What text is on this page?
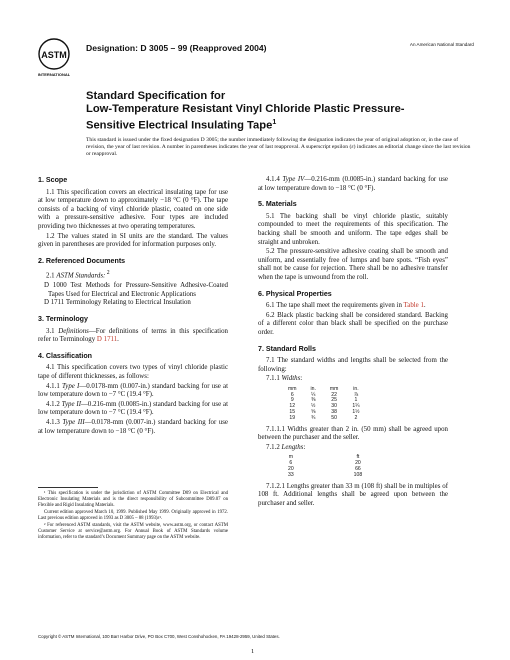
ASTM
INTERNATIONAL
Designation: D 3005 – 99 (Reapproved 2004)	An American National Standard
Standard Specification for
Low-Temperature Resistant Vinyl Chloride Plastic Pressure-
Sensitive Electrical Insulating Tape$^1$
This standard is issued under the fixed designation D 3005; the number immediately following the designation indicates the year of original adoption or, in the case of revision, the year of last revision. A number in parentheses indicates the year of last reapproval. A superscript epsilon (ε) indicates an editorial change since the last revision or reapproval.
1. Scope

1.1 This specification covers an electrical insulating tape for use at low temperature down to approximately −18 °C (0 °F). The tape consists of a backing of vinyl chloride plastic, coated on one side with a pressure-sensitive adhesive. Four types are included providing two thicknesses at two operating temperatures.

1.2 The values stated in SI units are the standard. The values given in parentheses are provided for information purposes only.

2. Referenced Documents

2.1 ASTM Standards: $^2$

D 1000 Test Methods for Pressure-Sensitive Adhesive-Coated Tapes Used for Electrical and Electronic Applications

D 1711 Terminology Relating to Electrical Insulation

3. Terminology

3.1 Definitions—For definitions of terms in this specification refer to Terminology D 1711.

4. Classification

4.1 This specification covers two types of vinyl chloride plastic tape of different thicknesses, as follows:

4.1.1 Type I—0.0178-mm (0.007-in.) standard backing for use at low temperature down to −7 °C (19.4 °F).

4.1.2 Type II—0.216-mm (0.0085-in.) standard backing for use at low temperature down to −7 °C (19.4 °F).

4.1.3 Type III—0.0178-mm (0.007-in.) standard backing for use at low temperature down to −18 °C (0 °F).

¹ This specification is under the jurisdiction of ASTM Committee D09 on Electrical and Electronic Insulating Materials and is the direct responsibility of Subcommittee D09.07 on Flexible and Rigid Insulating Materials.

Current edition approved March 10, 1999. Published May 1999. Originally approved in 1972. Last previous edition approved in 1993 as D 3005 – 88 (1993)ε¹.

² For referenced ASTM standards, visit the ASTM website, www.astm.org, or contact ASTM Customer Service at service@astm.org. For Annual Book of ASTM Standards volume information, refer to the standard’s Document Summary page on the ASTM website.

4.1.4 Type IV—0.216-mm (0.0085-in.) standard backing for use at low temperature down to −18 °C (0 °F).

5. Materials

5.1 The backing shall be vinyl chloride plastic, suitably compounded to meet the requirements of this specification. The backing shall be smooth and uniform. The tape edges shall be straight and unbroken.

5.2 The pressure-sensitive adhesive coating shall be smooth and uniform, and essentially free of lumps and bare spots. “Fish eyes” shall not be cause for rejection. There shall be no adhesive transfer when the tape is unwound from the roll.

6. Physical Properties

6.1 The tape shall meet the requirements given in Table 1.

6.2 Black plastic backing shall be considered standard. Backing of a different color than black shall be specified on the purchase order.

7. Standard Rolls

7.1 The standard widths and lengths shall be selected from the following:

7.1.1 Widths:

mm	in.	mm	in.
6	¼	22	⅞
9	⅜	25	1
12	½	30	1¼
15	⅝	38	1½
19	¾	50	2

7.1.1.1 Widths greater than 2 in. (50 mm) shall be agreed upon between the purchaser and the seller.

7.1.2 Lengths:

m	ft
6	20
20	66
33	108

7.1.2.1 Lengths greater than 33 m (108 ft) shall be in multiples of 108 ft. Additional lengths shall be agreed upon between the purchaser and seller.

Copyright © ASTM International, 100 Barr Harbor Drive, PO Box C700, West Conshohocken, PA 19428-2959, United States.
1
